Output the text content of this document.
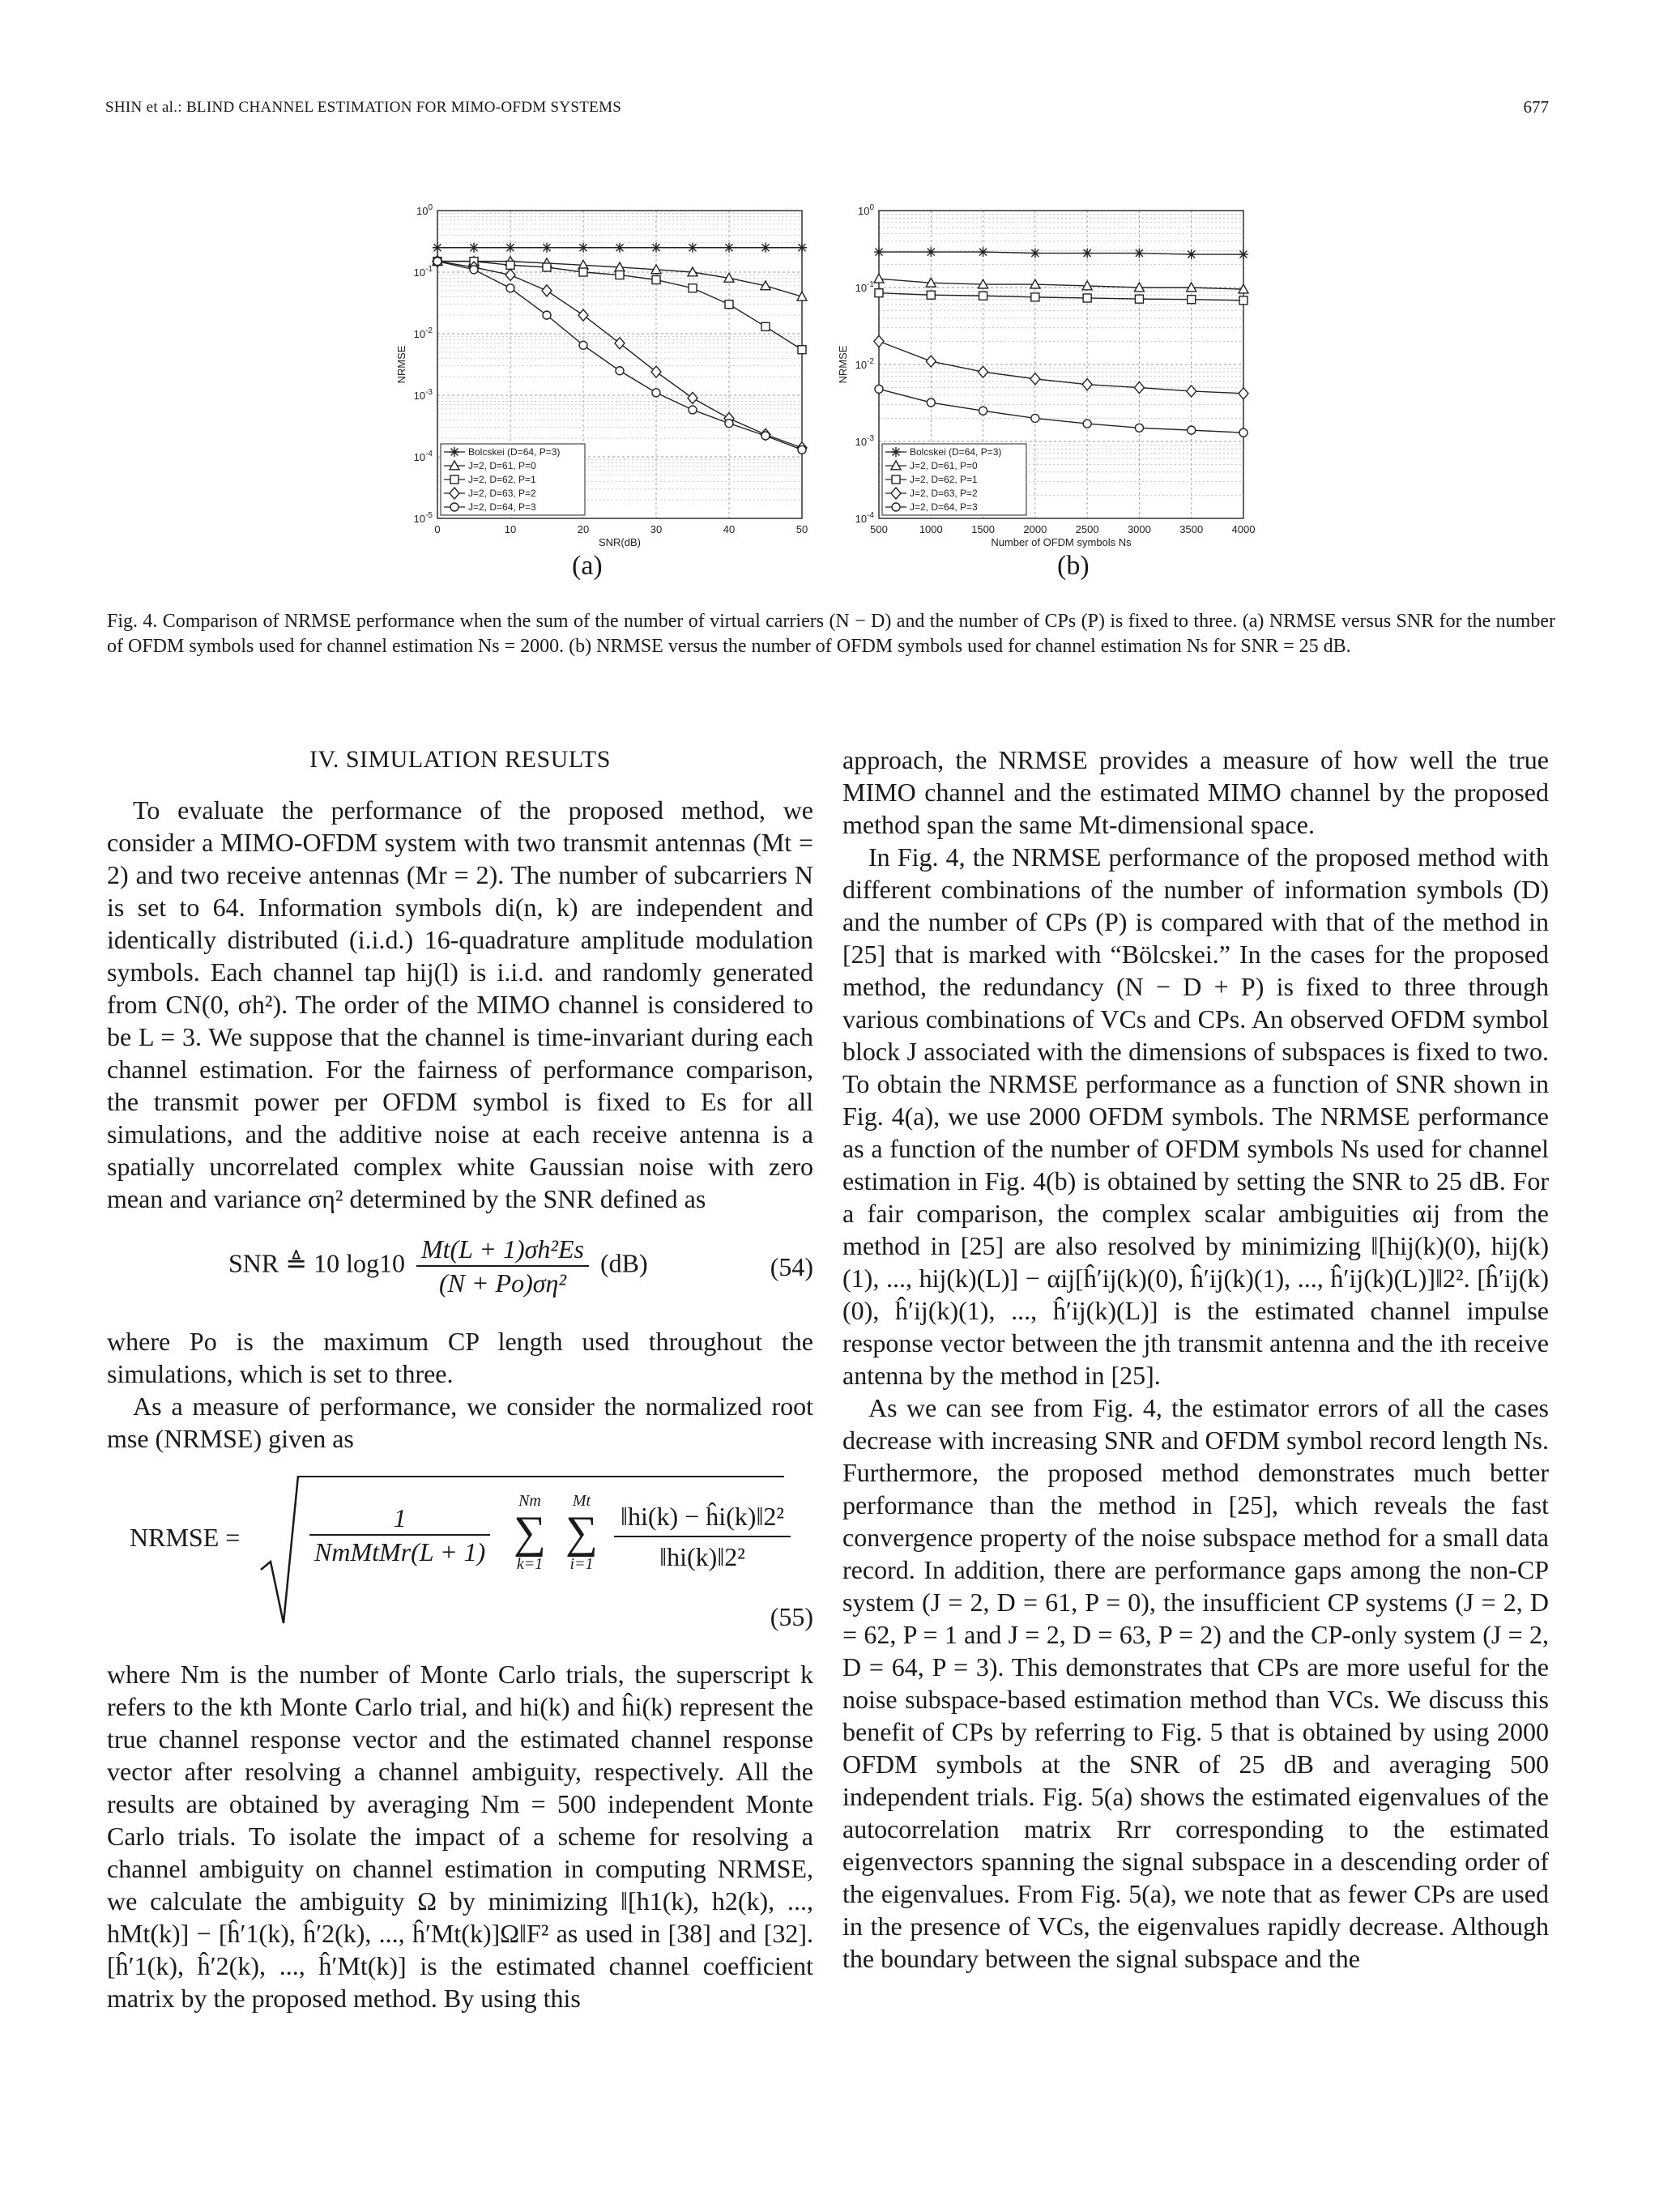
SHIN et al.: BLIND CHANNEL ESTIMATION FOR MIMO-OFDM SYSTEMS	677
$10^0$
$10^{-1}$
$10^{-2}$
$10^{-3}$
$10^{-4}$
$10^{-5}$
0	10	20	30	40	50
SNR(dB)
NRMSE
Bolcskei (D=64, P=3)
J=2, D=61, P=0
J=2, D=62, P=1
J=2, D=63, P=2
J=2, D=64, P=3
$10^0$
$10^{-1}$
$10^{-2}$
$10^{-3}$
$10^{-4}$
500	1000	1500	2000	2500	3000	3500	4000
Number of OFDM symbols Ns
NRMSE
Bolcskei (D=64, P=3)
J=2, D=61, P=0
J=2, D=62, P=1
J=2, D=63, P=2
J=2, D=64, P=3
(a)	(b)
Fig. 4. Comparison of NRMSE performance when the sum of the number of virtual carriers (N − D) and the number of CPs (P) is fixed to three. (a) NRMSE versus SNR for the number of OFDM symbols used for channel estimation Ns = 2000. (b) NRMSE versus the number of OFDM symbols used for channel estimation Ns for SNR = 25 dB.
IV. SIMULATION RESULTS

To evaluate the performance of the proposed method, we consider a MIMO-OFDM system with two transmit antennas (Mt = 2) and two receive antennas (Mr = 2). The number of subcarriers N is set to 64. Information symbols di(n, k) are independent and identically distributed (i.i.d.) 16-quadrature amplitude modulation symbols. Each channel tap hij(l) is i.i.d. and randomly generated from CN(0, σh²). The order of the MIMO channel is considered to be L = 3. We suppose that the channel is time-invariant during each channel estimation. For the fairness of performance comparison, the transmit power per OFDM symbol is fixed to Es for all simulations, and the additive noise at each receive antenna is a spatially uncorrelated complex white Gaussian noise with zero mean and variance ση² determined by the SNR defined as

SNR ≜ 10 $\log 10 \frac{\text{Mt(L + 1)σh²Es}}{\text{(N + Po)ση²}} (dB)$	(54)

where Po is the maximum CP length used throughout the simulations, which is set to three.

As a measure of performance, we consider the normalized root mse (NRMSE) given as

NRMSE =
1
NmMtMr(L + 1)
Nm
∑
k=1
Mt
∑
$i=1 \frac{\text{‖hi(k) − ĥi(k)‖2²}}{\text{‖hi(k)‖2²}}$
(55)

where Nm is the number of Monte Carlo trials, the superscript k refers to the kth Monte Carlo trial, and hi(k) and ĥi(k) represent the true channel response vector and the estimated channel response vector after resolving a channel ambiguity, respectively. All the results are obtained by averaging Nm = 500 independent Monte Carlo trials. To isolate the impact of a scheme for resolving a channel ambiguity on channel estimation in computing NRMSE, we calculate the ambiguity Ω by minimizing ‖[h1(k), h2(k), ..., hMt(k)] − [ĥ′1(k), ĥ′2(k), ..., ĥ′Mt(k)]Ω‖F² as used in [38] and [32]. [ĥ′1(k), ĥ′2(k), ..., ĥ′Mt(k)] is the estimated channel coefficient matrix by the proposed method. By using this

approach, the NRMSE provides a measure of how well the true MIMO channel and the estimated MIMO channel by the proposed method span the same Mt-dimensional space.

In Fig. 4, the NRMSE performance of the proposed method with different combinations of the number of information symbols (D) and the number of CPs (P) is compared with that of the method in [25] that is marked with “Bölcskei.” In the cases for the proposed method, the redundancy (N − D + P) is fixed to three through various combinations of VCs and CPs. An observed OFDM symbol block J associated with the dimensions of subspaces is fixed to two. To obtain the NRMSE performance as a function of SNR shown in Fig. 4(a), we use 2000 OFDM symbols. The NRMSE performance as a function of the number of OFDM symbols Ns used for channel estimation in Fig. 4(b) is obtained by setting the SNR to 25 dB. For a fair comparison, the complex scalar ambiguities αij from the method in [25] are also resolved by minimizing ‖[hij(k)(0), hij(k)(1), ..., hij(k)(L)] − αij[ĥ′ij(k)(0), ĥ′ij(k)(1), ..., ĥ′ij(k)(L)]‖2². [ĥ′ij(k)(0), ĥ′ij(k)(1), ..., ĥ′ij(k)(L)] is the estimated channel impulse response vector between the jth transmit antenna and the ith receive antenna by the method in [25].

As we can see from Fig. 4, the estimator errors of all the cases decrease with increasing SNR and OFDM symbol record length Ns. Furthermore, the proposed method demonstrates much better performance than the method in [25], which reveals the fast convergence property of the noise subspace method for a small data record. In addition, there are performance gaps among the non-CP system (J = 2, D = 61, P = 0), the insufficient CP systems (J = 2, D = 62, P = 1 and J = 2, D = 63, P = 2) and the CP-only system (J = 2, D = 64, P = 3). This demonstrates that CPs are more useful for the noise subspace-based estimation method than VCs. We discuss this benefit of CPs by referring to Fig. 5 that is obtained by using 2000 OFDM symbols at the SNR of 25 dB and averaging 500 independent trials. Fig. 5(a) shows the estimated eigenvalues of the autocorrelation matrix Rrr corresponding to the estimated eigenvectors spanning the signal subspace in a descending order of the eigenvalues. From Fig. 5(a), we note that as fewer CPs are used in the presence of VCs, the eigenvalues rapidly decrease. Although the boundary between the signal subspace and the
